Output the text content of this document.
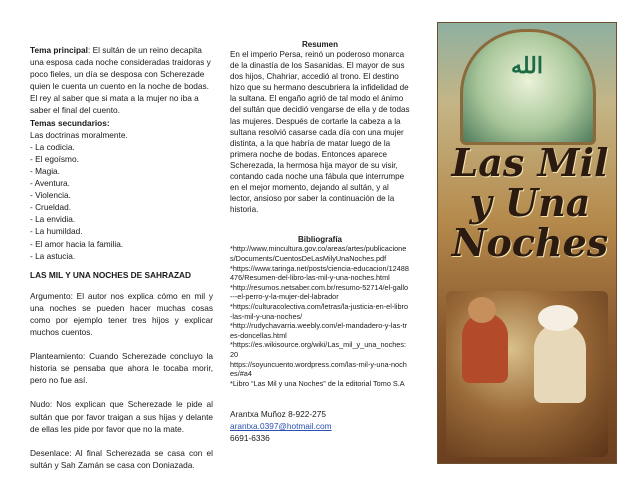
Tema principal: El sultán de un reino decapita una esposa cada noche consideradas traidoras y poco fieles, un día se desposa con Scherezade quien le cuenta un cuento en la noche de bodas. El rey al saber que si mata a la mujer no iba a saber el final del cuento.

Temas secundarios:

Las doctrinas moralmente.
- La codicia.
- El egoísmo.
- Magia.
- Aventura.
- Violencia.
- Crueldad.
- La envidia.
- La humildad.
- El amor hacia la familia.
- La astucia.

LAS MIL Y UNA NOCHES DE SAHRAZAD

Argumento: El autor nos explica cómo en mil y una noches se pueden hacer muchas cosas como por ejemplo tener tres hijos y explicar muchos cuentos.

Planteamiento: Cuando Scherezade concluyo la historia se pensaba que ahora le tocaba morir, pero no fue así.

Nudo: Nos explican que Scherezade le pide al sultán que por favor traigan a sus hijas y delante de ellas les pide por favor que no la mate.

Desenlace: Al final Scherezada se casa con el sultán y Sah Zamán se casa con Doniazada.

Resumen

En el imperio Persa, reinó un poderoso monarca de la dinastía de los Sasanidas. El mayor de sus dos hijos, Chahriar, accedió al trono. El destino hizo que su hermano descubriera la infidelidad de la sultana. El engaño agrió de tal modo el ánimo del sultán que decidió vengarse de ella y de todas las mujeres. Después de cortarle la cabeza a la sultana resolvió casarse cada día con una mujer distinta, a la que habría de matar luego de la primera noche de bodas. Entonces aparece Scherezada, la hermosa hija mayor de su visir, contando cada noche una fábula que interrumpe en el mejor momento, dejando al sultán, y al lector, ansioso por saber la continuación de la historia.

Bibliografía

*http://www.mincultura.gov.co/areas/artes/publicaciones/Documents/CuentosDeLasMilyUnaNoches.pdf

*https://www.taringa.net/posts/ciencia-educacion/12488476/Resumen-del-libro-las-mil-y-una-noches.html

*http://resumos.netsaber.com.br/resumo-52714/el-gallo---el-perro-y-la-mujer-del-labrador

*https://culturacolectiva.com/letras/la-justicia-en-el-libro-las-mil-y-una-noches/

*http://rudychavarria.weebly.com/el-mandadero-y-las-tres-doncellas.html

*https://es.wikisource.org/wiki/Las_mil_y_una_noches:20

https://soyuncuento.wordpress.com/las-mil-y-una-noches/#a4

*Libro “Las Mil y una Noches” de la editorial Tomo S.A

Arantxa Muñoz 8-922-275

arantxa.0397@hotmail.com

6691-6336

الله
Las Mil
y Una
Noches
